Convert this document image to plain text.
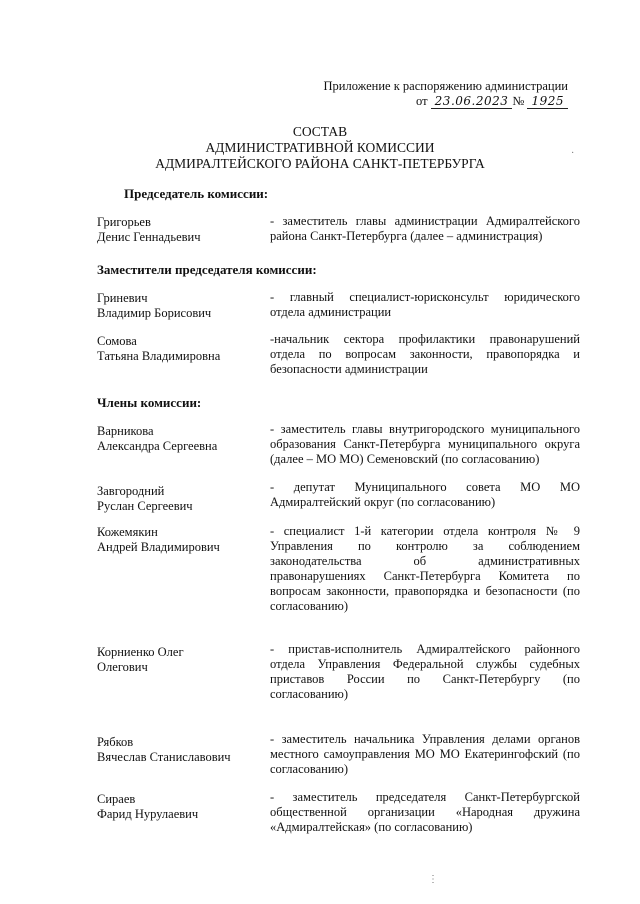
Приложение к распоряжению администрации
от 23.06.2023 № 1925
СОСТАВ
АДМИНИСТРАТИВНОЙ КОМИССИИ
АДМИРАЛТЕЙСКОГО РАЙОНА САНКТ-ПЕТЕРБУРГА
·
Председатель комиссии:
Григорьев
Денис Геннадьевич
- заместитель главы администрации Адмиралтейского района Санкт-Петербурга (далее – администрация)
Заместители председателя комиссии:
Гриневич
Владимир Борисович
- главный специалист-юрисконсульт юридического отдела администрации
Сомова
Татьяна Владимировна
-начальник сектора профилактики правонарушений отдела по вопросам законности, правопорядка и безопасности администрации
Члены комиссии:
Варникова
Александра Сергеевна
- заместитель главы внутригородского муниципального образования Санкт-Петербурга муниципального округа (далее – МО МО) Семеновский (по согласованию)
Завгородний
Руслан Сергеевич
- депутат Муниципального совета МО МО Адмиралтейский округ (по согласованию)
Кожемякин
Андрей Владимирович
- специалист 1-й категории отдела контроля № 9 Управления по контролю за соблюдением законодательства об административных правонарушениях Санкт-Петербурга Комитета по вопросам законности, правопорядка и безопасности (по согласованию)
Корниенко Олег
Олегович
- пристав-исполнитель Адмиралтейского районного отдела Управления Федеральной службы судебных приставов России по Санкт-Петербургу (по согласованию)
Рябков
Вячеслав Станиславович
- заместитель начальника Управления делами органов местного самоуправления МО МО Екатерингофский (по согласованию)
Сираев
Фарид Нурулаевич
- заместитель председателя Санкт-Петербургской общественной организации «Народная дружина «Адмиралтейская» (по согласованию)
⋮
